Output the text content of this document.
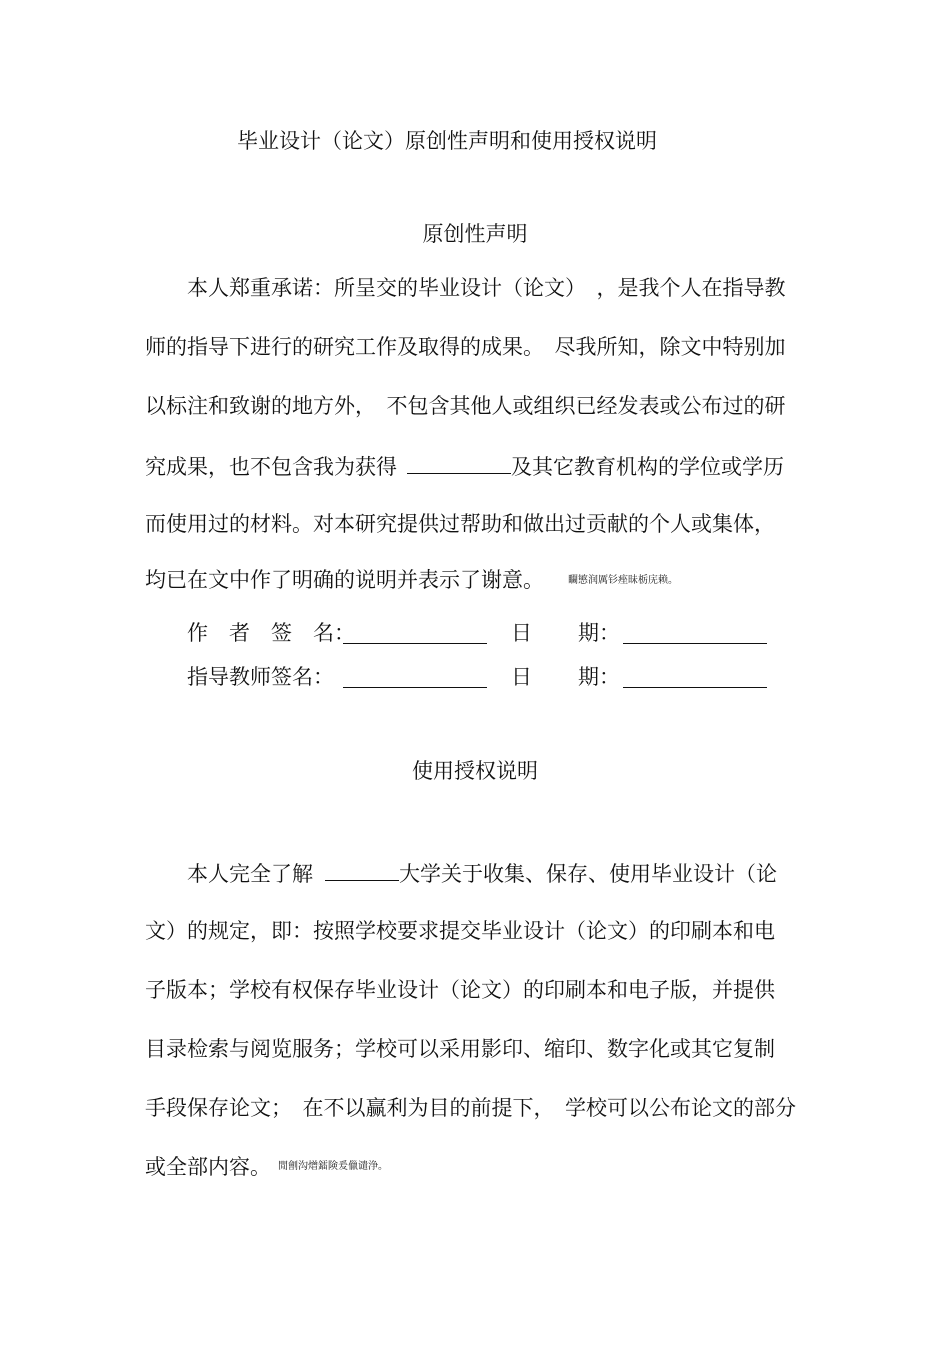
毕业设计（论文）原创性声明和使用授权说明
原创性声明
本人郑重承诺：所呈交的毕业设计（论文）　，是我个人在指导教
师的指导下进行的研究工作及取得的成果。　尽我所知，除文中特别加
以标注和致谢的地方外，　不包含其他人或组织已经发表或公布过的研
究成果，也不包含我为获得	及其它教育机构的学位或学历
而使用过的材料。对本研究提供过帮助和做出过贡献的个人或集体，
均已在文中作了明确的说明并表示了谢意。 矙慜润厲钐痤昧栃庑赖。
作　者　签　名：	日 期：
指导教师签名：	日 期：
使用授权说明
本人完全了解	大学关于收集、保存、使用毕业设计（论
文）的规定，即：按照学校要求提交毕业设计（论文）的印刷本和电
子版本；学校有权保存毕业设计（论文）的印刷本和电子版，并提供
目录检索与阅览服务；学校可以采用影印、缩印、数字化或其它复制
手段保存论文；　在不以赢利为目的前提下，　学校可以公布论文的部分
或全部内容。 閒劊沟熷鐳険爰儠谴浄。
